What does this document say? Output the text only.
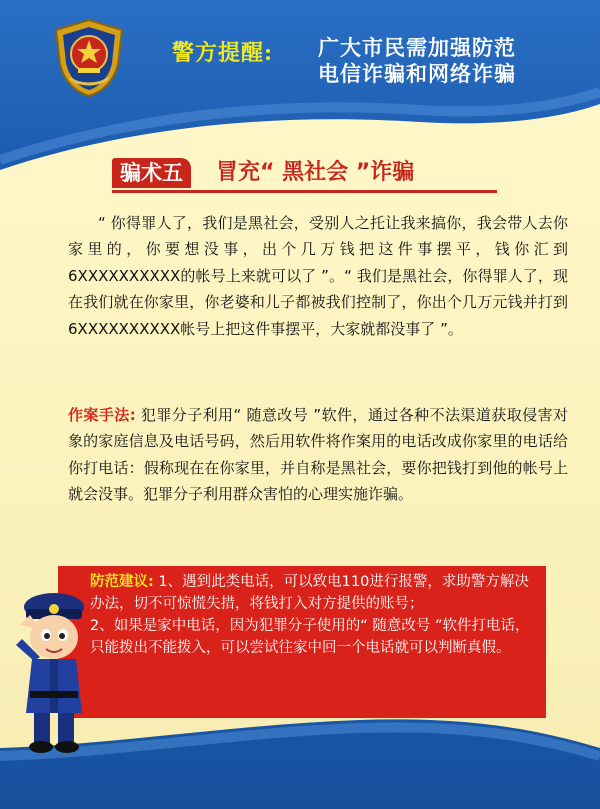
警方提醒: 广大市民需加强防范
电信诈骗和网络诈骗
骗术五	冒充“ 黑社会 ”诈骗
“ 你得罪人了，我们是黑社会，受别人之托让我来搞你，我会带人去你家里的，你要想没事，出个几万钱把这件事摆平，钱你汇到6XXXXXXXXXX的帐号上来就可以了 ”。“ 我们是黑社会，你得罪人了，现在我们就在你家里，你老婆和儿子都被我们控制了，你出个几万元钱并打到6XXXXXXXXXX帐号上把这件事摆平，大家就都没事了 ”。
作案手法: 犯罪分子利用“ 随意改号 ”软件，通过各种不法渠道获取侵害对象的家庭信息及电话号码，然后用软件将作案用的电话改成你家里的电话给你打电话：假称现在在你家里，并自称是黑社会，要你把钱打到他的帐号上就会没事。犯罪分子利用群众害怕的心理实施诈骗。
防范建议: 1、遇到此类电话，可以致电110进行报警，求助警方解决办法，切不可惊慌失措，将钱打入对方提供的账号；
2、如果是家中电话，因为犯罪分子使用的“ 随意改号 ”软件打电话，只能拨出不能拨入，可以尝试往家中回一个电话就可以判断真假。
